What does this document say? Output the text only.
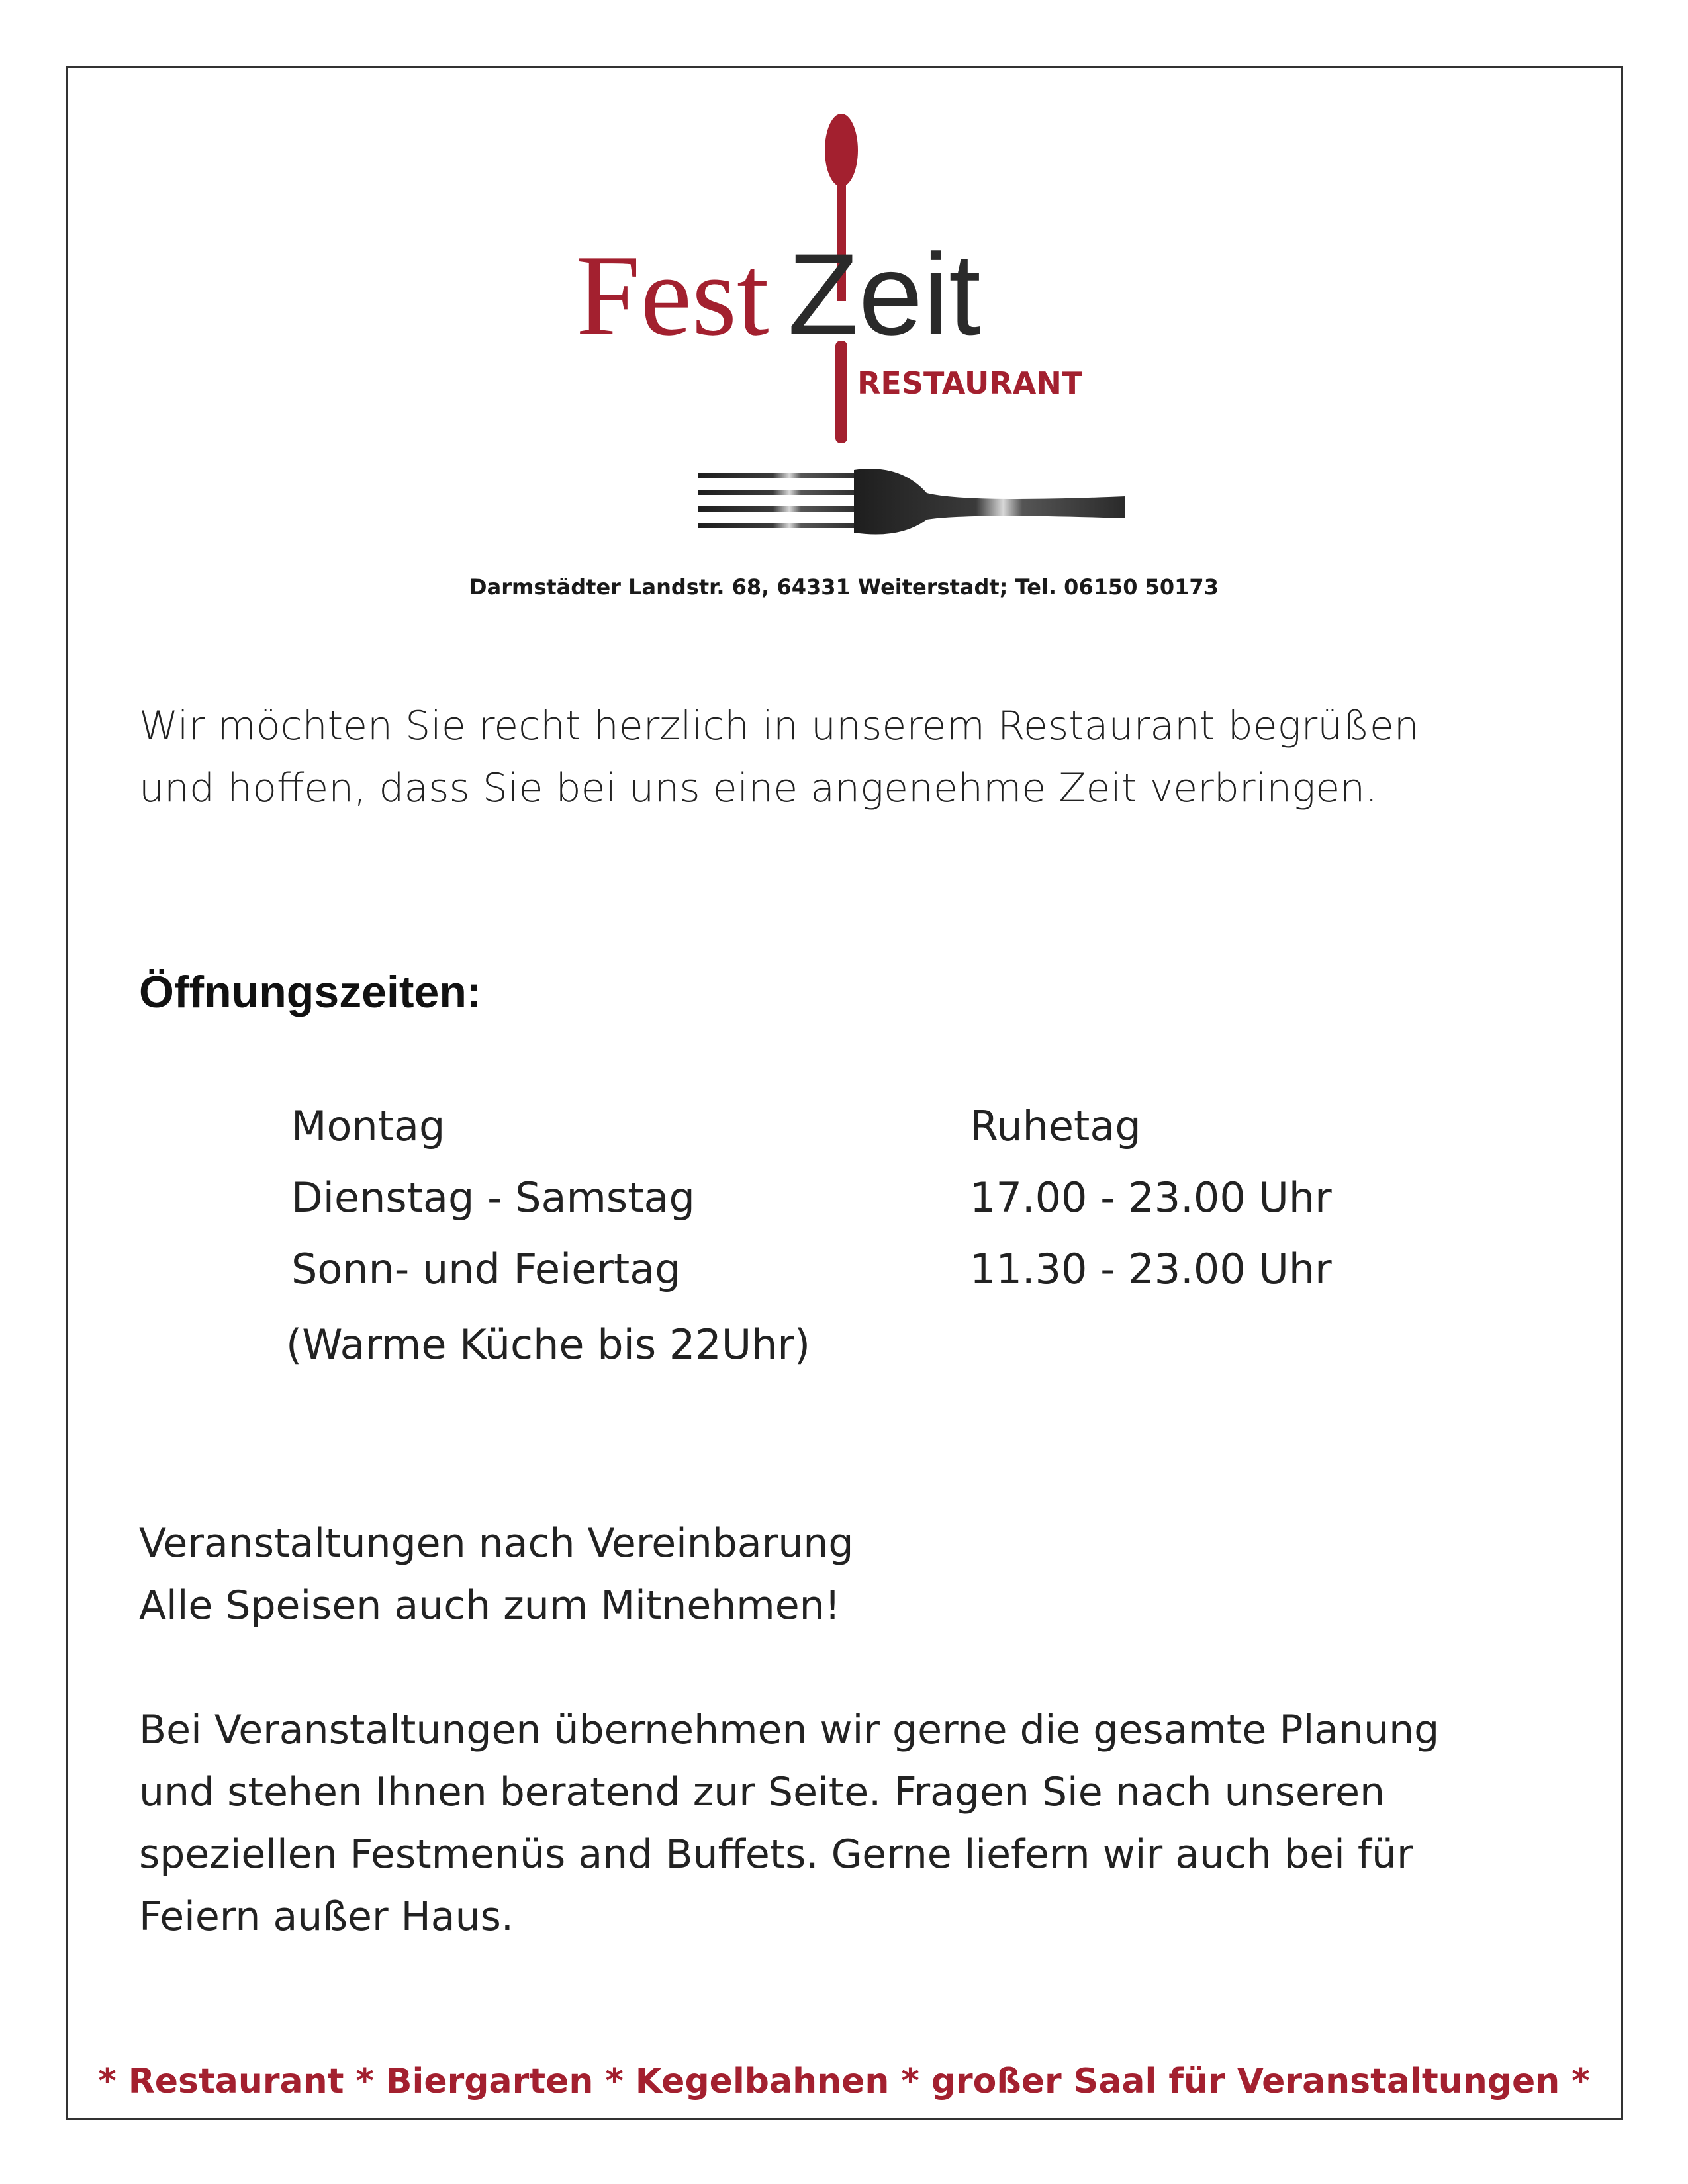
Fest Zeit
RESTAURANT
Darmstädter Landstr. 68, 64331 Weiterstadt; Tel. 06150 50173

Wir möchten Sie recht herzlich in unserem Restaurant begrüßen

und hoffen, dass Sie bei uns eine angenehme Zeit verbringen.

Öffnungszeiten:
Montag	Ruhetag
Dienstag - Samstag	17.00 - 23.00 Uhr
Sonn- und Feiertag	11.30 - 23.00 Uhr
(Warme Küche bis 22Uhr)

Veranstaltungen nach Vereinbarung

Alle Speisen auch zum Mitnehmen!

Bei Veranstaltungen übernehmen wir gerne die gesamte Planung

und stehen Ihnen beratend zur Seite. Fragen Sie nach unseren

speziellen Festmenüs and Buffets. Gerne liefern wir auch bei für

Feiern außer Haus.

* Restaurant * Biergarten * Kegelbahnen * großer Saal für Veranstaltungen *
